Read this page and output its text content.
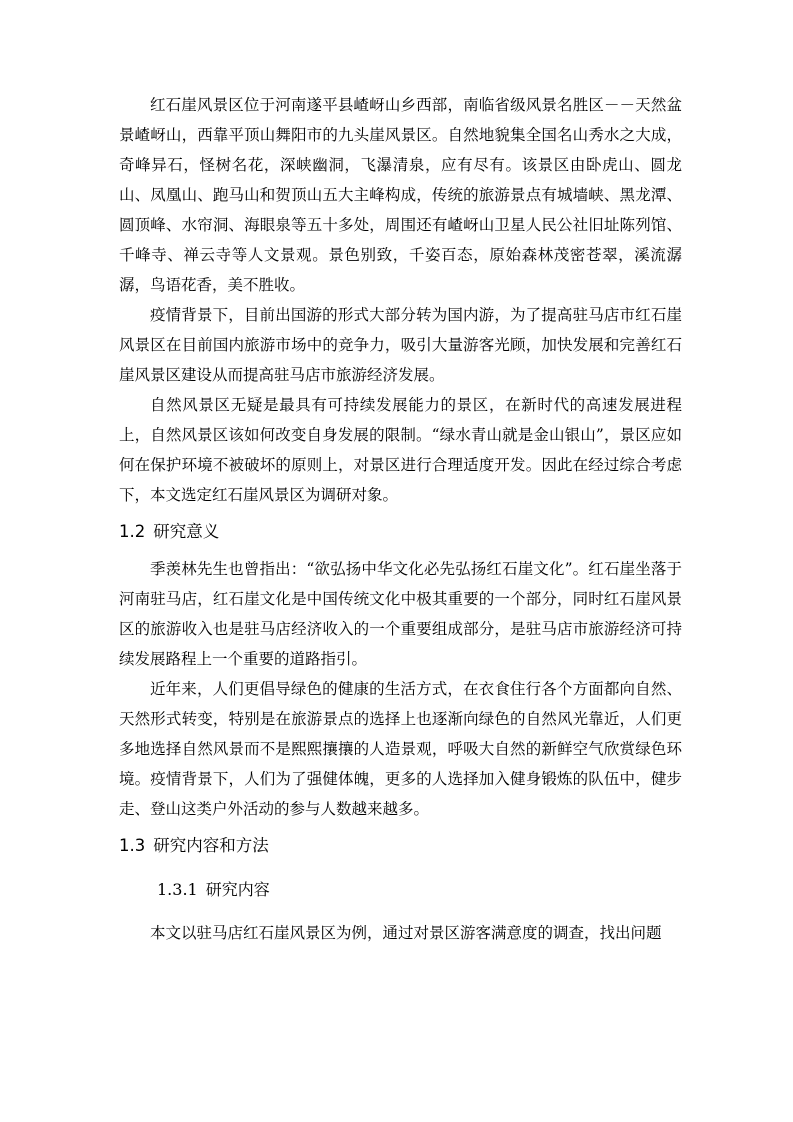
红石崖风景区位于河南遂平县嵖岈山乡西部，南临省级风景名胜区－－天然盆景嵖岈山，西靠平顶山舞阳市的九头崖风景区。自然地貌集全国名山秀水之大成，奇峰异石，怪树名花，深峡幽洞，飞瀑清泉，应有尽有。该景区由卧虎山、圆龙山、凤凰山、跑马山和贺顶山五大主峰构成，传统的旅游景点有城墙峡、黑龙潭、圆顶峰、水帘洞、海眼泉等五十多处，周围还有嵖岈山卫星人民公社旧址陈列馆、千峰寺、禅云寺等人文景观。景色别致，千姿百态，原始森林茂密苍翠，溪流潺潺，鸟语花香，美不胜收。

疫情背景下，目前出国游的形式大部分转为国内游，为了提高驻马店市红石崖风景区在目前国内旅游市场中的竞争力，吸引大量游客光顾，加快发展和完善红石崖风景区建设从而提高驻马店市旅游经济发展。

自然风景区无疑是最具有可持续发展能力的景区，在新时代的高速发展进程上，自然风景区该如何改变自身发展的限制。“绿水青山就是金山银山”，景区应如何在保护环境不被破坏的原则上，对景区进行合理适度开发。因此在经过综合考虑下，本文选定红石崖风景区为调研对象。

1.2 研究意义

季羡林先生也曾指出：“欲弘扬中华文化必先弘扬红石崖文化”。红石崖坐落于河南驻马店，红石崖文化是中国传统文化中极其重要的一个部分，同时红石崖风景区的旅游收入也是驻马店经济收入的一个重要组成部分，是驻马店市旅游经济可持续发展路程上一个重要的道路指引。

近年来，人们更倡导绿色的健康的生活方式，在衣食住行各个方面都向自然、天然形式转变，特别是在旅游景点的选择上也逐渐向绿色的自然风光靠近，人们更多地选择自然风景而不是熙熙攘攘的人造景观，呼吸大自然的新鲜空气欣赏绿色环境。疫情背景下，人们为了强健体魄，更多的人选择加入健身锻炼的队伍中，健步走、登山这类户外活动的参与人数越来越多。

1.3 研究内容和方法
1.3.1 研究内容

本文以驻马店红石崖风景区为例，通过对景区游客满意度的调查，找出问题
